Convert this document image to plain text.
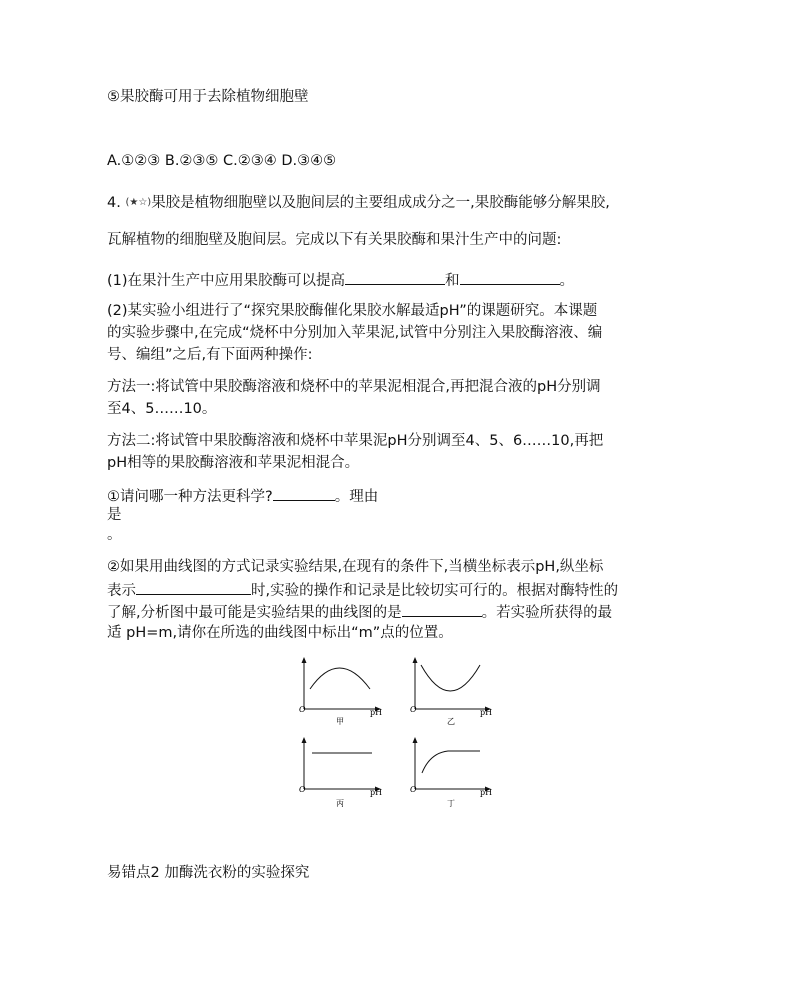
⑤果胶酶可用于去除植物细胞壁
A.①②③ B.②③⑤ C.②③④ D.③④⑤
4. (★☆)果胶是植物细胞壁以及胞间层的主要组成成分之一,果胶酶能够分解果胶,
瓦解植物的细胞壁及胞间层。完成以下有关果胶酶和果汁生产中的问题:
(1)在果汁生产中应用果胶酶可以提高	和	。
(2)某实验小组进行了“探究果胶酶催化果胶水解最适pH”的课题研究。本课题
的实验步骤中,在完成“烧杯中分别加入苹果泥,试管中分别注入果胶酶溶液、编
号、编组”之后,有下面两种操作:
方法一:将试管中果胶酶溶液和烧杯中的苹果泥相混合,再把混合液的pH分别调
至4、5……10。
方法二:将试管中果胶酶溶液和烧杯中苹果泥pH分别调至4、5、6……10,再把
pH相等的果胶酶溶液和苹果泥相混合。
①请问哪一种方法更科学?	。理由
是
。
②如果用曲线图的方式记录实验结果,在现有的条件下,当横坐标表示pH,纵坐标
表示	时,实验的操作和记录是比较切实可行的。根据对酶特性的
了解,分析图中最可能是实验结果的曲线图的是	。若实验所获得的最
适 pH=m,请你在所选的曲线图中标出“m”点的位置。
O	pH
甲
O	pH
乙
O	pH
丙
O	pH
丁
易错点2 加酶洗衣粉的实验探究
